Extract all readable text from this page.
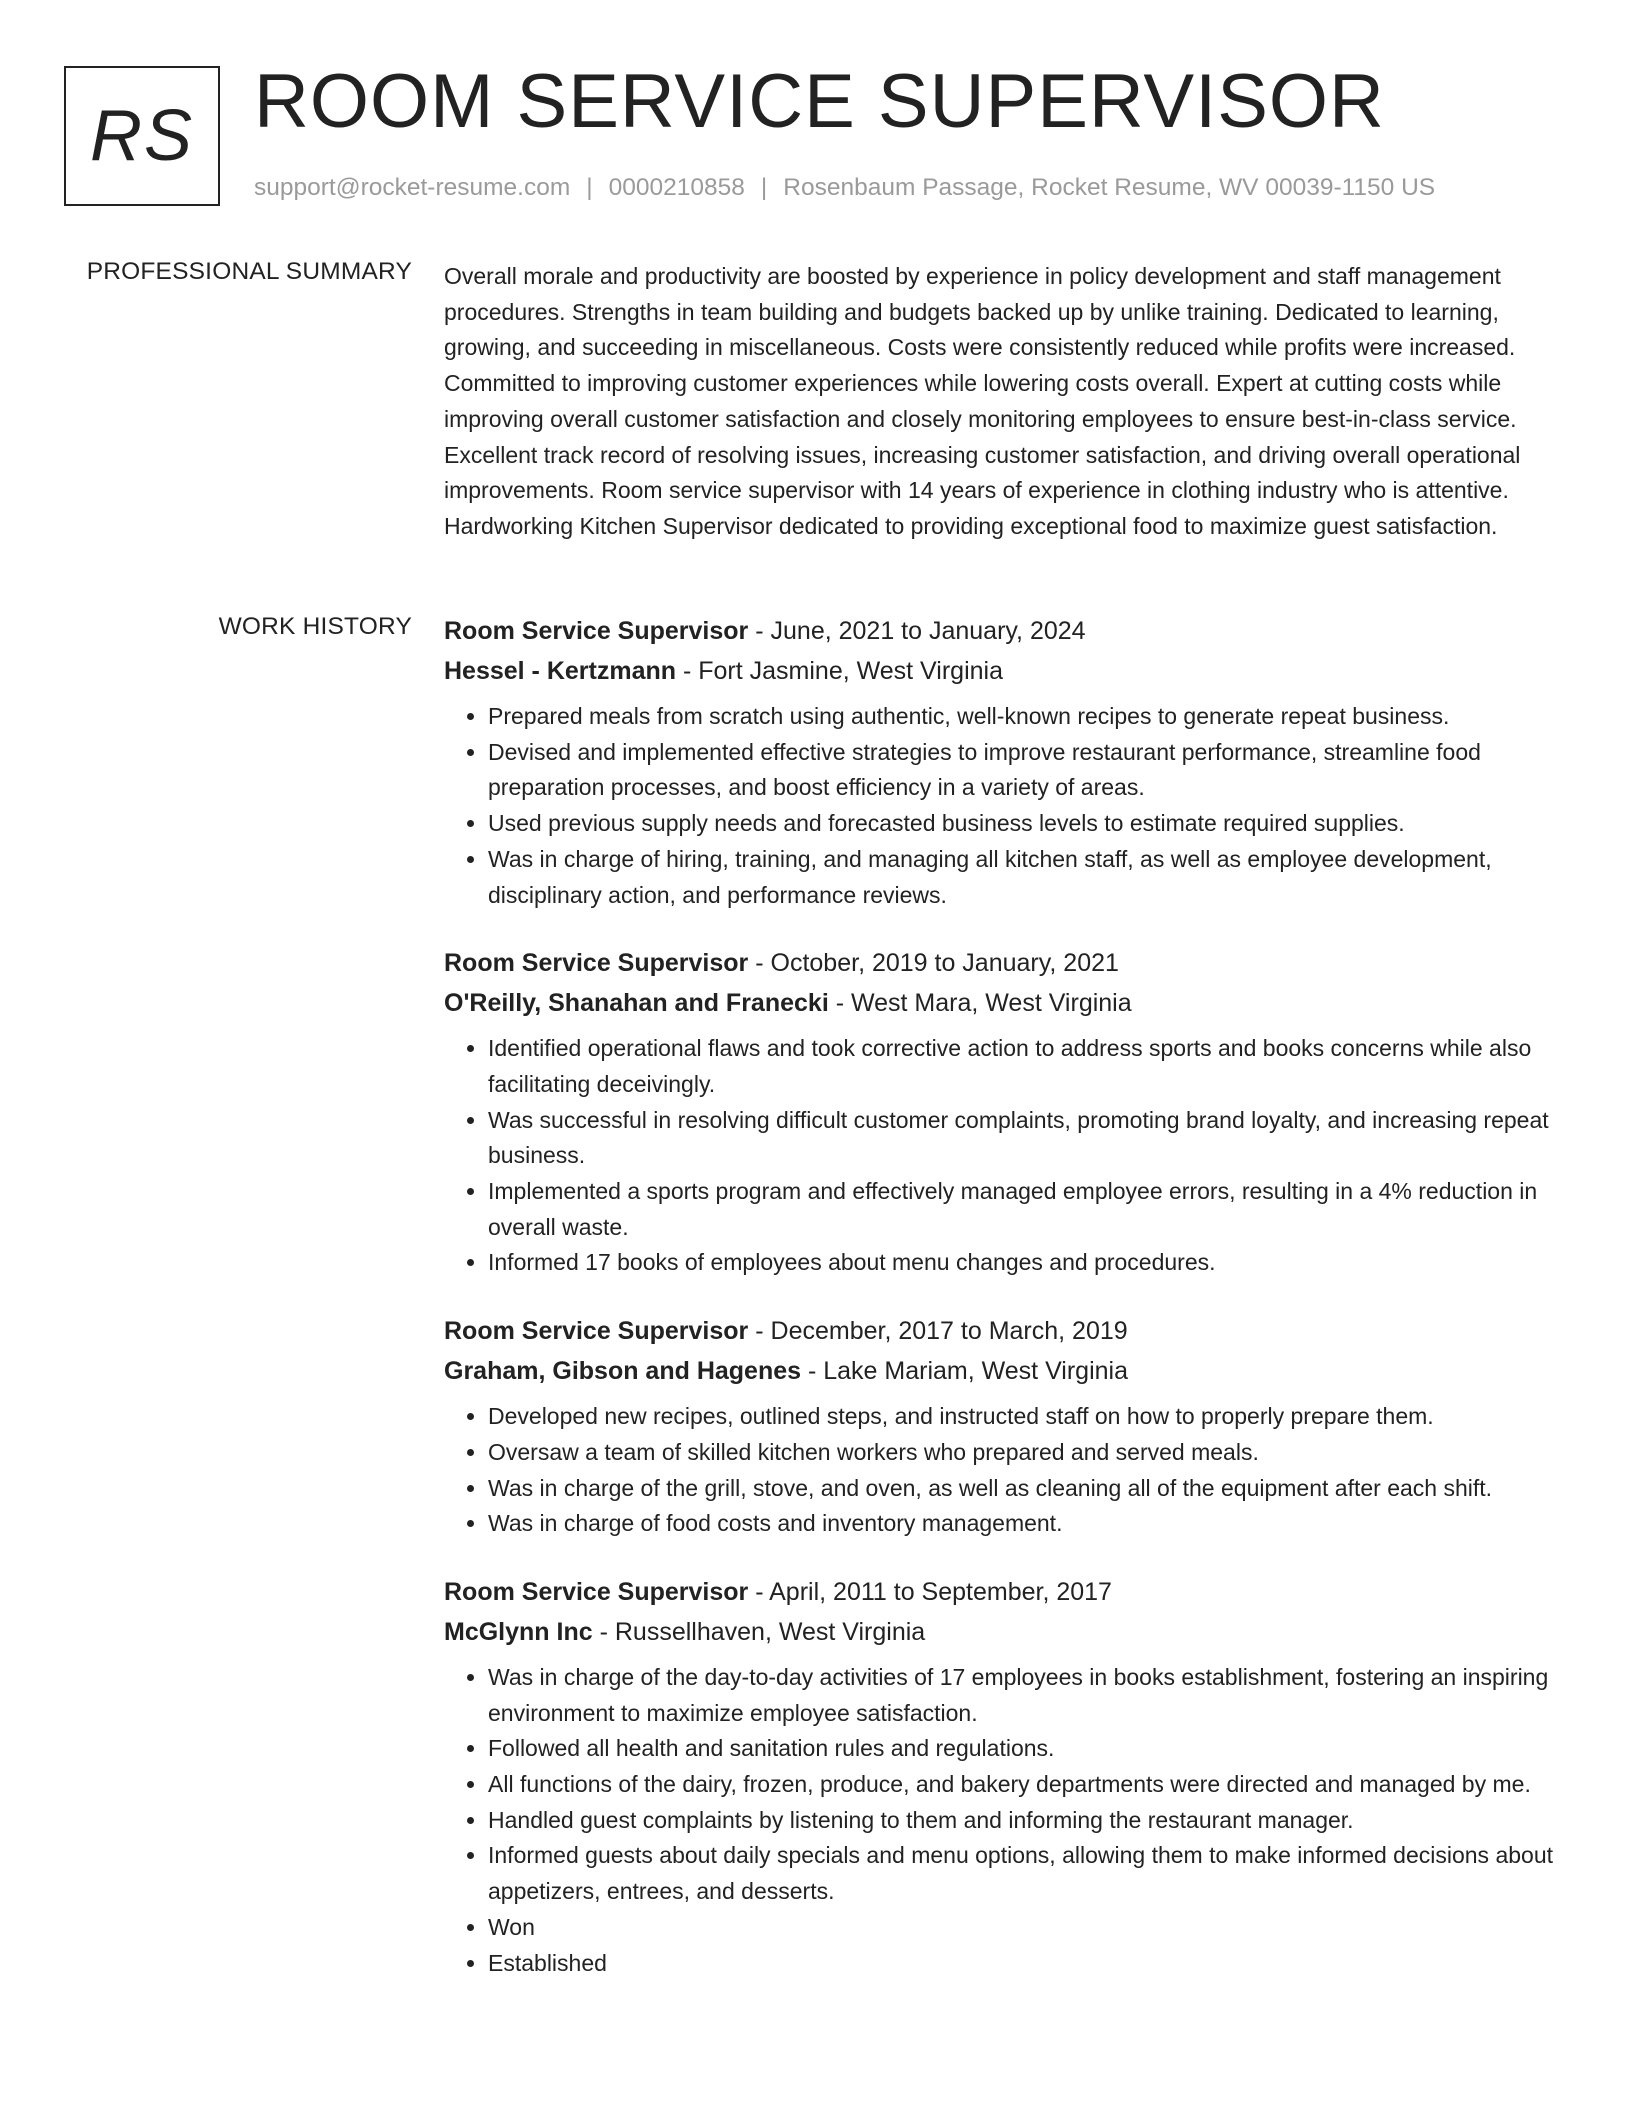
RS ROOM SERVICE SUPERVISOR
support@rocket-resume.com | 0000210858 | Rosenbaum Passage, Rocket Resume, WV 00039-1150 US
PROFESSIONAL SUMMARY Overall morale and productivity are boosted by experience in policy development and staff management procedures. Strengths in team building and budgets backed up by unlike training. Dedicated to learning, growing, and succeeding in miscellaneous. Costs were consistently reduced while profits were increased. Committed to improving customer experiences while lowering costs overall. Expert at cutting costs while improving overall customer satisfaction and closely monitoring employees to ensure best-in-class service. Excellent track record of resolving issues, increasing customer satisfaction, and driving overall operational improvements. Room service supervisor with 14 years of experience in clothing industry who is attentive. Hardworking Kitchen Supervisor dedicated to providing exceptional food to maximize guest satisfaction.

WORK HISTORY Room Service Supervisor - June, 2021 to January, 2024
Hessel - Kertzmann - Fort Jasmine, West Virginia
• Prepared meals from scratch using authentic, well-known recipes to generate repeat business.
• Devised and implemented effective strategies to improve restaurant performance, streamline food preparation processes, and boost efficiency in a variety of areas.
• Used previous supply needs and forecasted business levels to estimate required supplies.
• Was in charge of hiring, training, and managing all kitchen staff, as well as employee development, disciplinary action, and performance reviews.
Room Service Supervisor - October, 2019 to January, 2021
O'Reilly, Shanahan and Franecki - West Mara, West Virginia
• Identified operational flaws and took corrective action to address sports and books concerns while also facilitating deceivingly.
• Was successful in resolving difficult customer complaints, promoting brand loyalty, and increasing repeat business.
• Implemented a sports program and effectively managed employee errors, resulting in a 4% reduction in overall waste.
• Informed 17 books of employees about menu changes and procedures.
Room Service Supervisor - December, 2017 to March, 2019
Graham, Gibson and Hagenes - Lake Mariam, West Virginia
• Developed new recipes, outlined steps, and instructed staff on how to properly prepare them.
• Oversaw a team of skilled kitchen workers who prepared and served meals.
• Was in charge of the grill, stove, and oven, as well as cleaning all of the equipment after each shift.
• Was in charge of food costs and inventory management.
Room Service Supervisor - April, 2011 to September, 2017
McGlynn Inc - Russellhaven, West Virginia
• Was in charge of the day-to-day activities of 17 employees in books establishment, fostering an inspiring environment to maximize employee satisfaction.
• Followed all health and sanitation rules and regulations.
• All functions of the dairy, frozen, produce, and bakery departments were directed and managed by me.
• Handled guest complaints by listening to them and informing the restaurant manager.
• Informed guests about daily specials and menu options, allowing them to make informed decisions about appetizers, entrees, and desserts.
• Won
• Established
